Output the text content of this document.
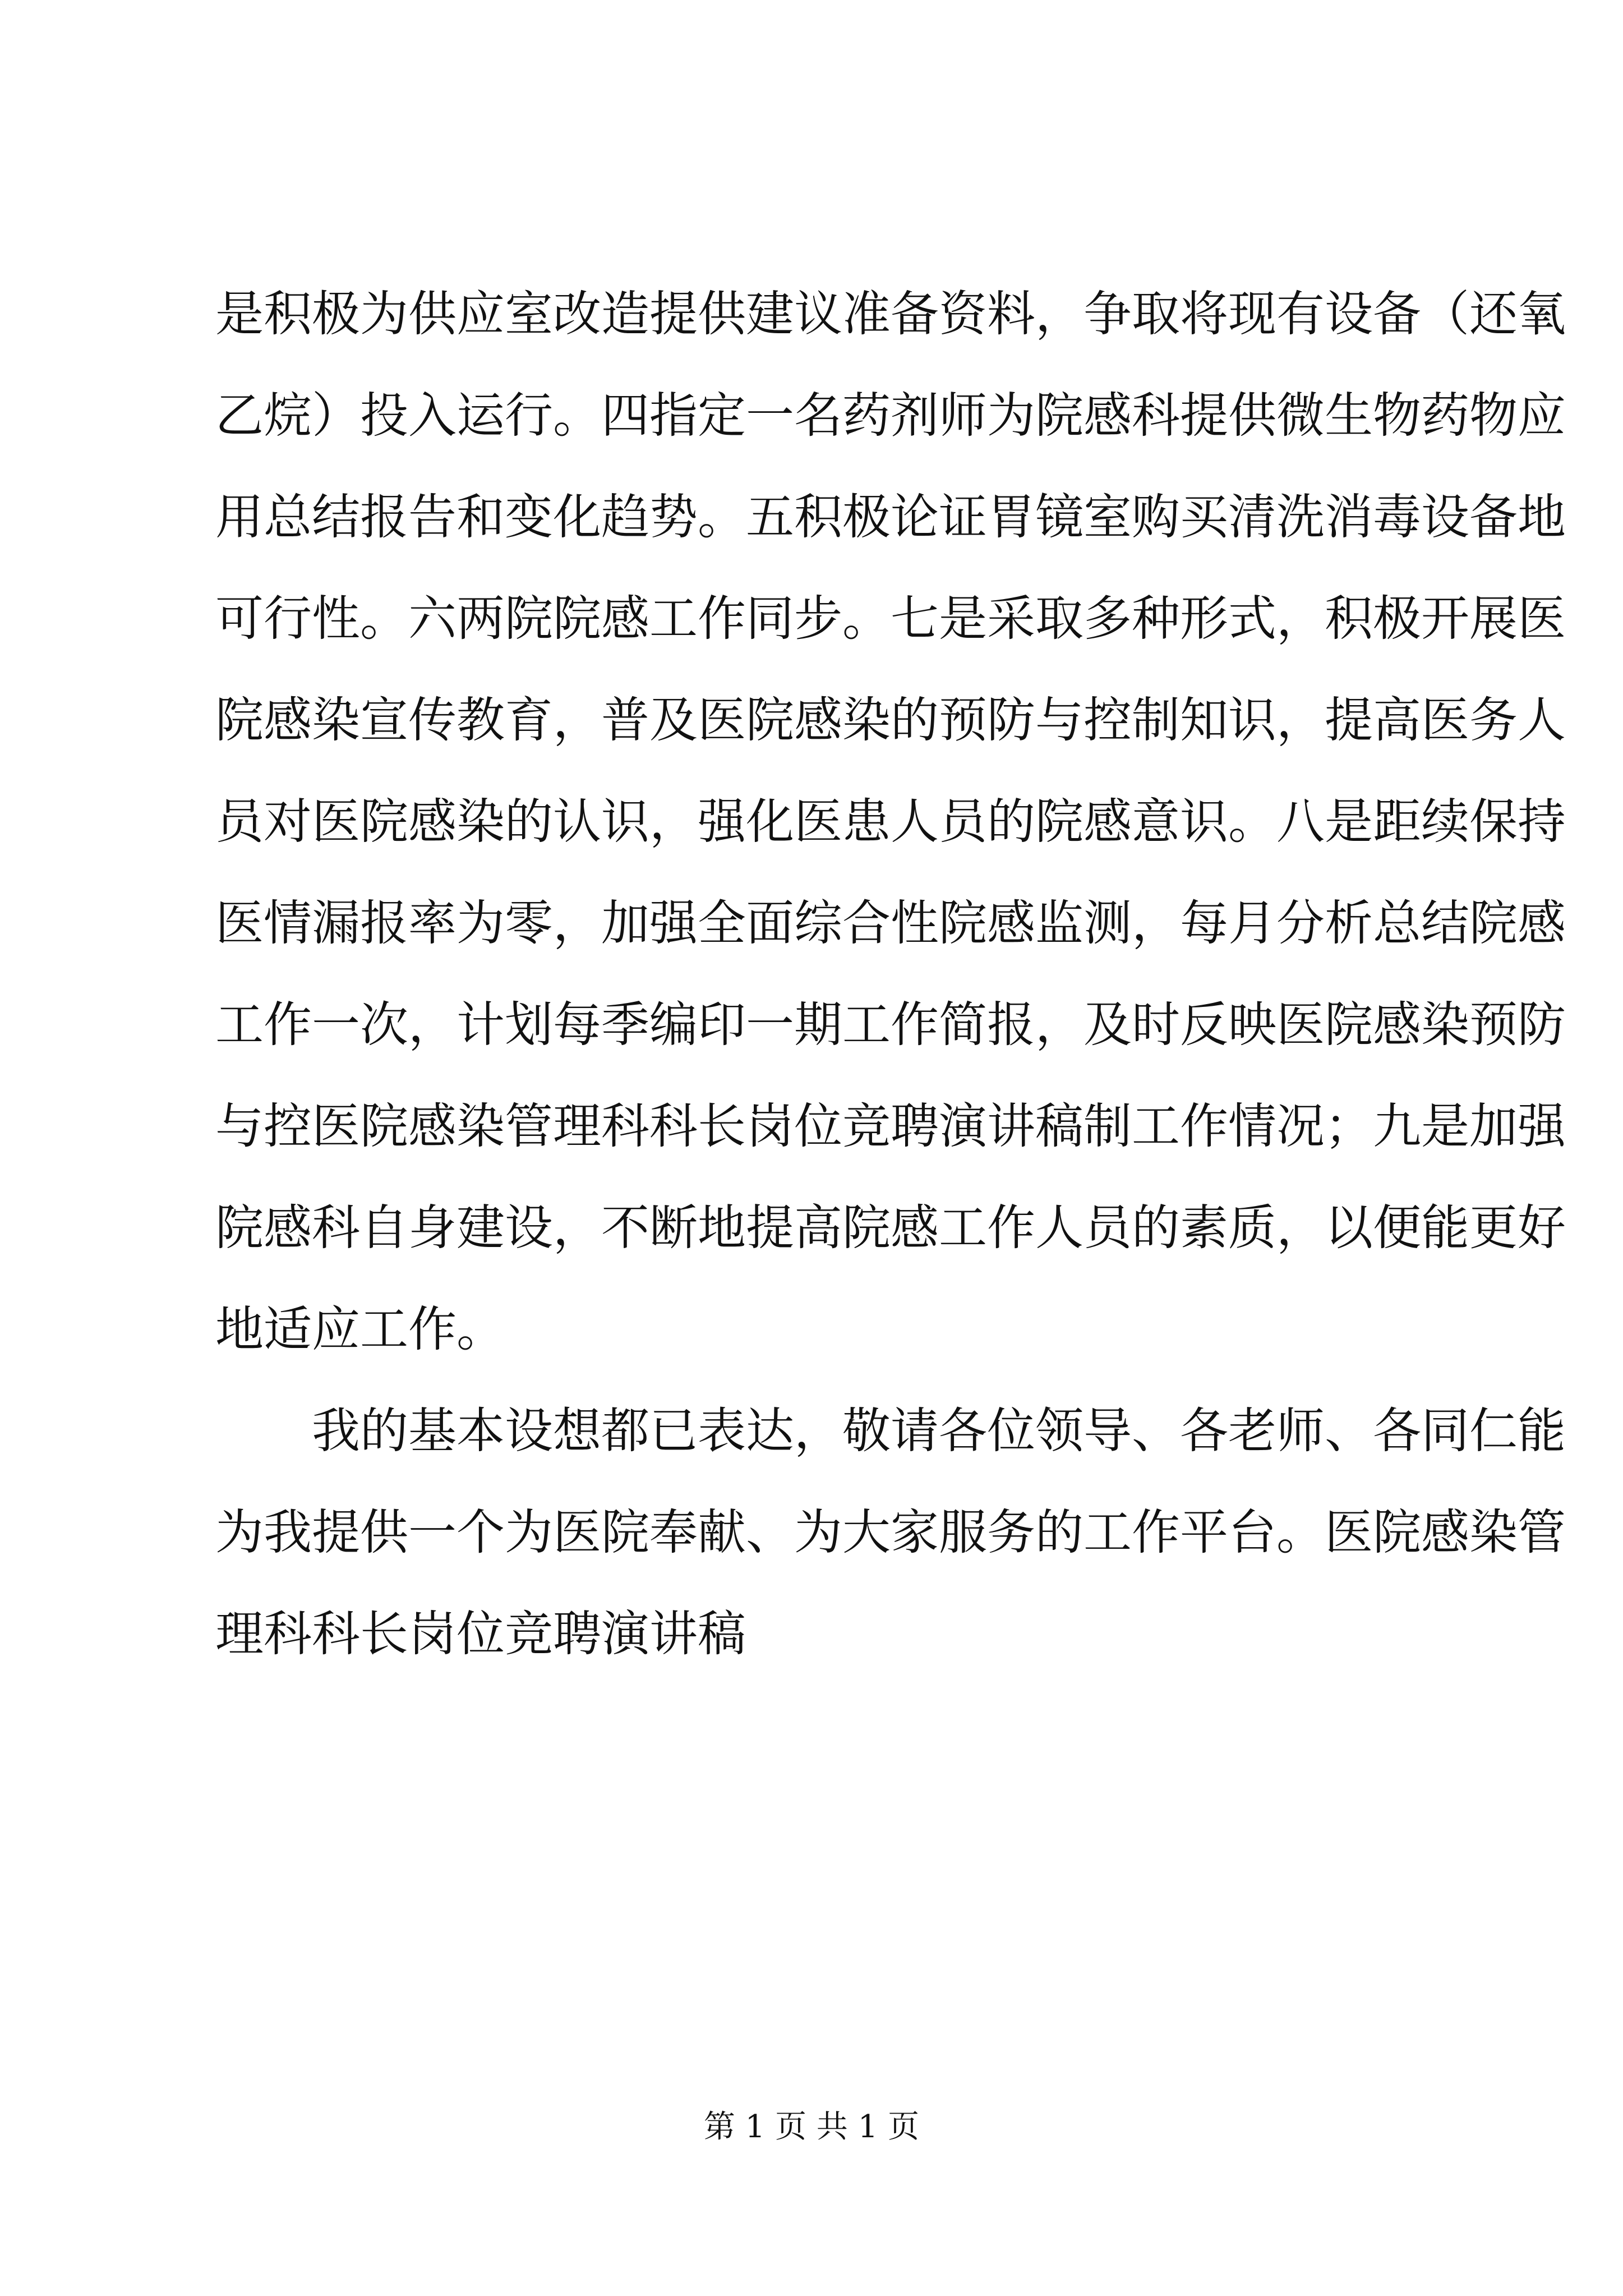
是积极为供应室改造提供建议准备资料，争取将现有设备（还氧
乙烷）投入运行。四指定一名药剂师为院感科提供微生物药物应
用总结报告和变化趋势。五积极论证胃镜室购买清洗消毒设备地
可行性。六两院院感工作同步。七是采取多种形式，积极开展医
院感染宣传教育，普及医院感染的预防与控制知识，提高医务人
员对医院感染的认识，强化医患人员的院感意识。八是距续保持
医情漏报率为零，加强全面综合性院感监测，每月分析总结院感
工作一次，计划每季编印一期工作简报，及时反映医院感染预防
与控医院感染管理科科长岗位竞聘演讲稿制工作情况；九是加强
院感科自身建设，不断地提高院感工作人员的素质，以便能更好
地适应工作。
　　我的基本设想都已表达，敬请各位领导、各老师、各同仁能
为我提供一个为医院奉献、为大家服务的工作平台。医院感染管
理科科长岗位竞聘演讲稿
第 1 页 共 1 页
